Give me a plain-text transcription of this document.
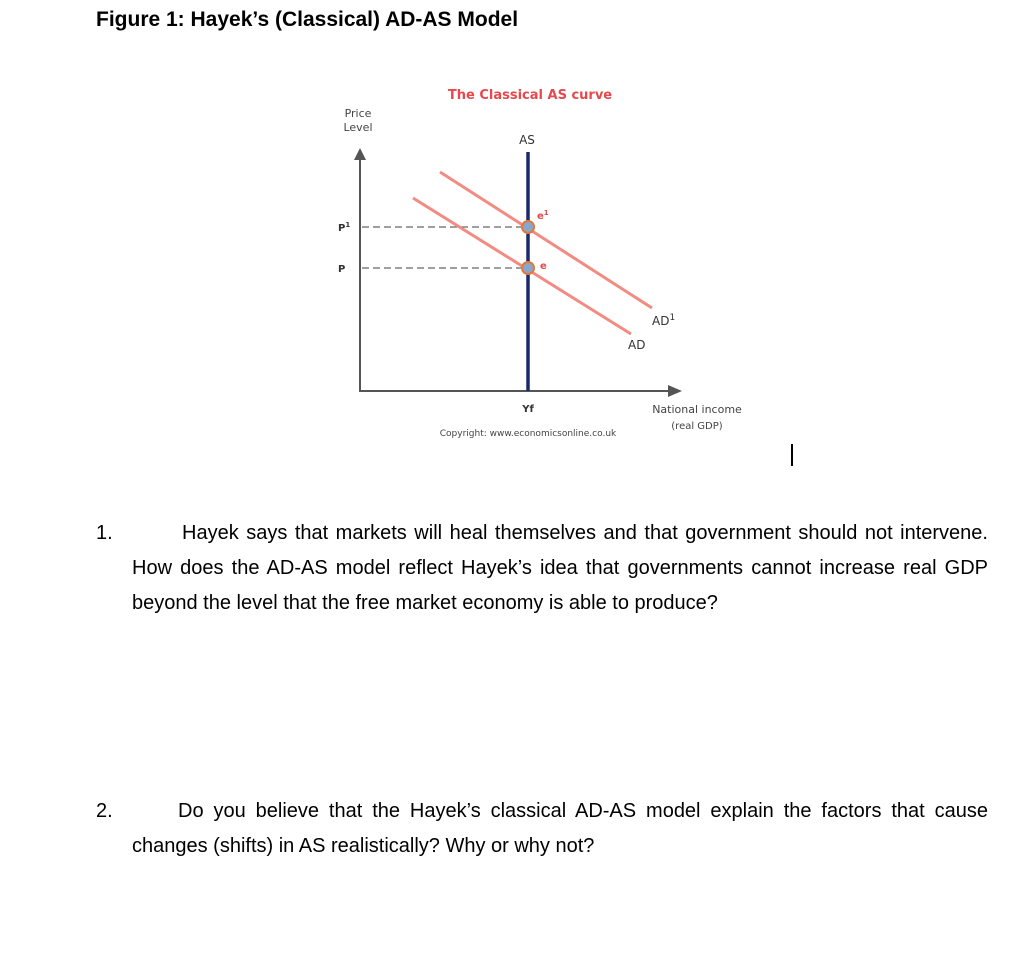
Figure 1: Hayek’s (Classical) AD-AS Model
The Classical AS curve
Price
Level
AS
$P^1$
P
$e^1$
e
$AD^1$
AD
Yf	National income
(real GDP)
Copyright: www.economicsonline.co.uk
1.	Hayek says that markets will heal themselves and that government should not intervene. How does the AD-AS model reflect Hayek’s idea that governments cannot increase real GDP beyond the level that the free market economy is able to produce?
2.	Do you believe that the Hayek’s classical AD-AS model explain the factors that cause changes (shifts) in AS realistically? Why or why not?
